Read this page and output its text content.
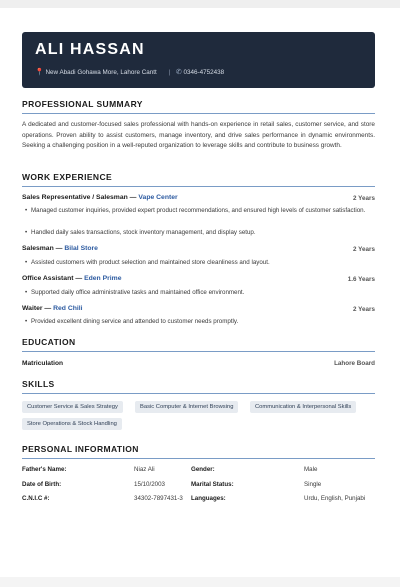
ALI HASSAN
📍 New Abadi Gohawa More, Lahore Cantt | ✆ 0346-4752438
PROFESSIONAL SUMMARY
A dedicated and customer-focused sales professional with hands-on experience in retail sales, customer service, and store operations. Proven ability to assist customers, manage inventory, and drive sales performance in dynamic environments. Seeking a challenging position in a well-reputed organization to leverage skills and contribute to business growth.
WORK EXPERIENCE
Sales Representative / Salesman — Vape Center	2 Years
• Managed customer inquiries, provided expert product recommendations, and ensured high levels of customer satisfaction.
• Handled daily sales transactions, stock inventory management, and display setup.
Salesman — Bilal Store	2 Years
• Assisted customers with product selection and maintained store cleanliness and layout.
Office Assistant — Eden Prime	1.6 Years
• Supported daily office administrative tasks and maintained office environment.
Waiter — Red Chili	2 Years
• Provided excellent dining service and attended to customer needs promptly.
EDUCATION
Matriculation	Lahore Board
SKILLS
Customer Service & Sales Strategy	Basic Computer & Internet Browsing	Communication & Interpersonal Skills
Store Operations & Stock Handling
PERSONAL INFORMATION
Father's Name:	Niaz Ali	Gender:	Male
Date of Birth:	15/10/2003	Marital Status:	Single
C.N.I.C #:	34302-7897431-3 Languages:	Urdu, English, Punjabi
